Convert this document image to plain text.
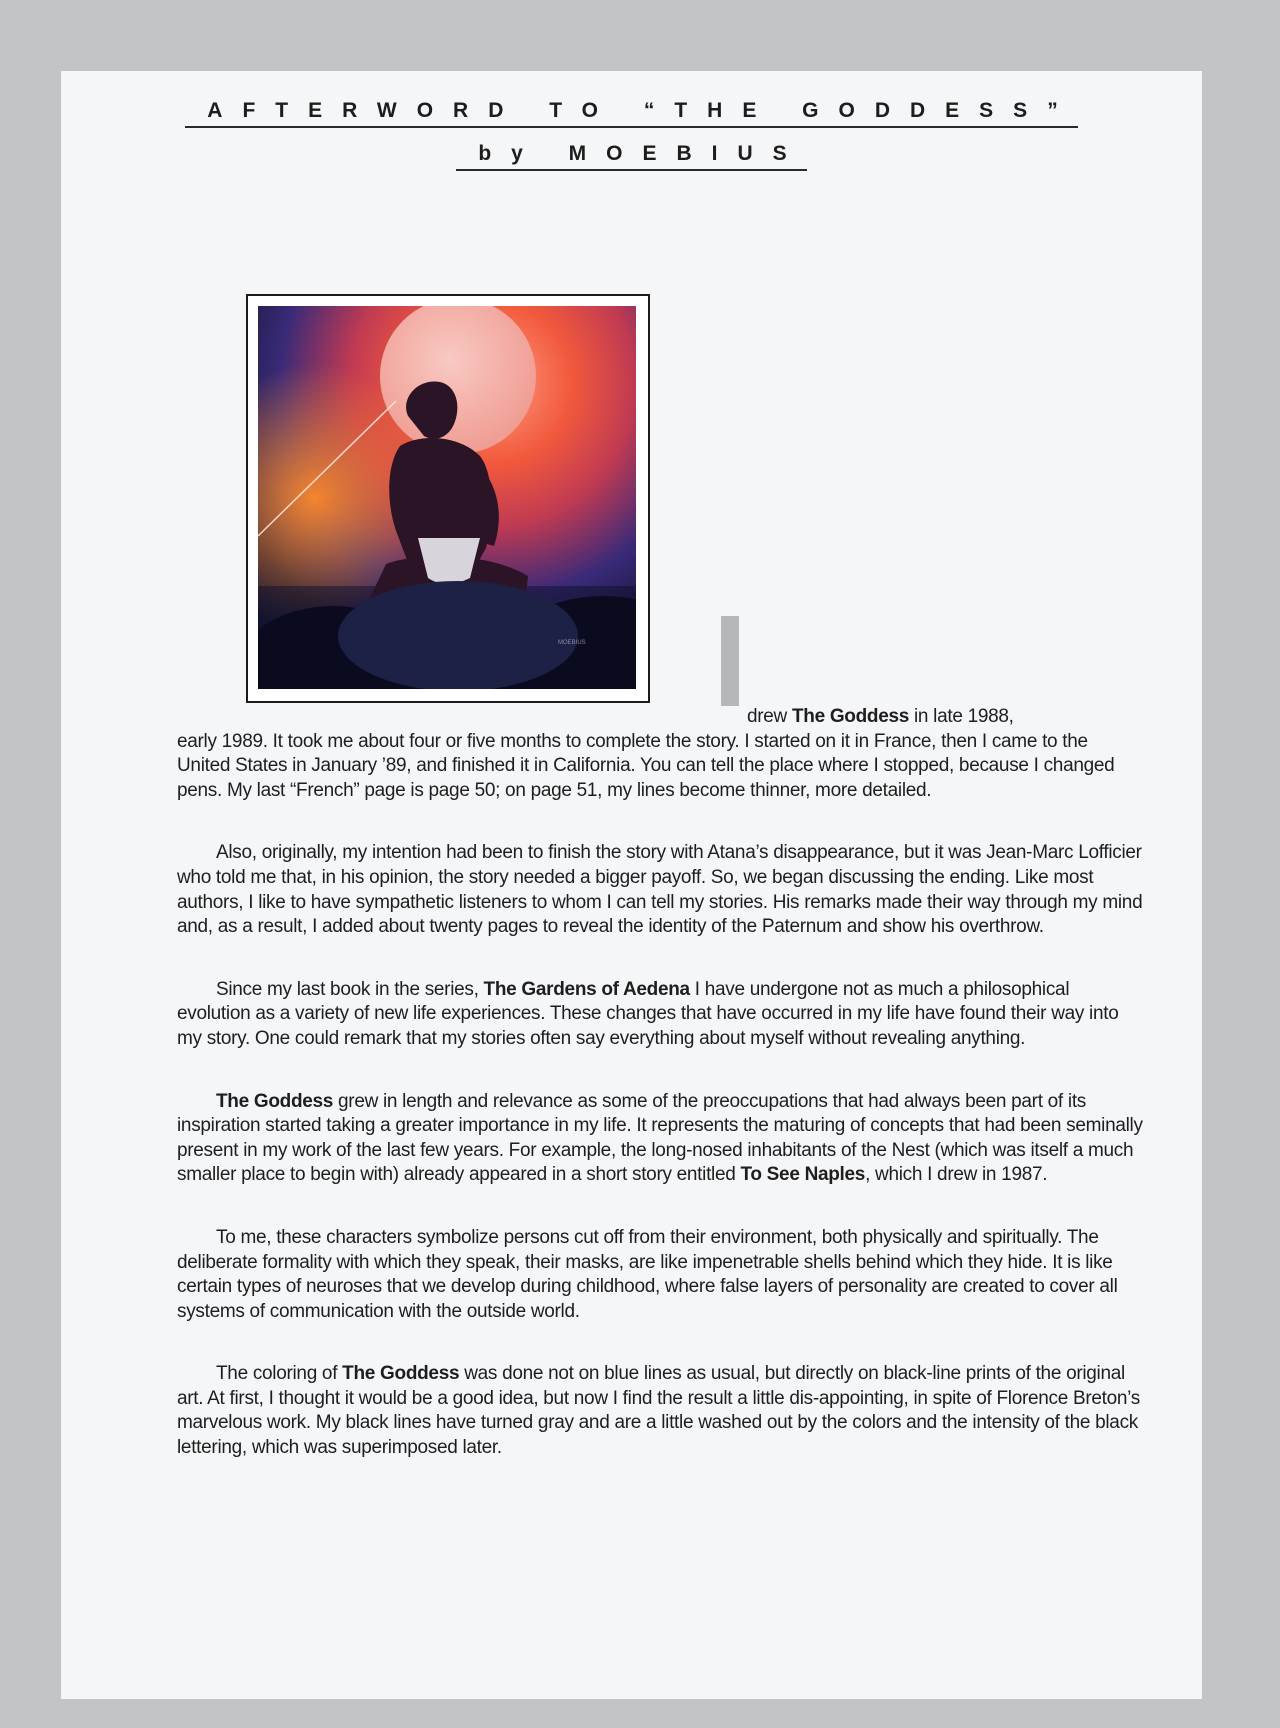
AFTERWORD TO “THE GODDESS”
by MOEBIUS
MOEBIUS

drew The Goddess in late 1988,
early 1989. It took me about four or five months to complete the story. I started on it in France, then I came to the United States in January ’89, and finished it in California. You can tell the place where I stopped, because I changed pens. My last “French” page is page 50; on page 51, my lines become thinner, more detailed.

Also, originally, my intention had been to finish the story with Atana’s disappearance, but it was Jean-Marc Lofficier who told me that, in his opinion, the story needed a bigger payoff. So, we began discussing the ending. Like most authors, I like to have sympathetic listeners to whom I can tell my stories. His remarks made their way through my mind and, as a result, I added about twenty pages to reveal the identity of the Paternum and show his overthrow.

Since my last book in the series, The Gardens of Aedena I have undergone not as much a philosophical evolution as a variety of new life experiences. These changes that have occurred in my life have found their way into my story. One could remark that my stories often say everything about myself without revealing anything.

The Goddess grew in length and relevance as some of the preoccupations that had always been part of its inspiration started taking a greater importance in my life. It represents the maturing of concepts that had been seminally present in my work of the last few years. For example, the long-nosed inhabitants of the Nest (which was itself a much smaller place to begin with) already appeared in a short story entitled To See Naples, which I drew in 1987.

To me, these characters symbolize persons cut off from their environment, both physically and spiritually. The deliberate formality with which they speak, their masks, are like impenetrable shells behind which they hide. It is like certain types of neuroses that we develop during childhood, where false layers of personality are created to cover all systems of communication with the outside world.

The coloring of The Goddess was done not on blue lines as usual, but directly on black-line prints of the original art. At first, I thought it would be a good idea, but now I find the result a little dis-appointing, in spite of Florence Breton’s marvelous work. My black lines have turned gray and are a little washed out by the colors and the intensity of the black lettering, which was superimposed later.
